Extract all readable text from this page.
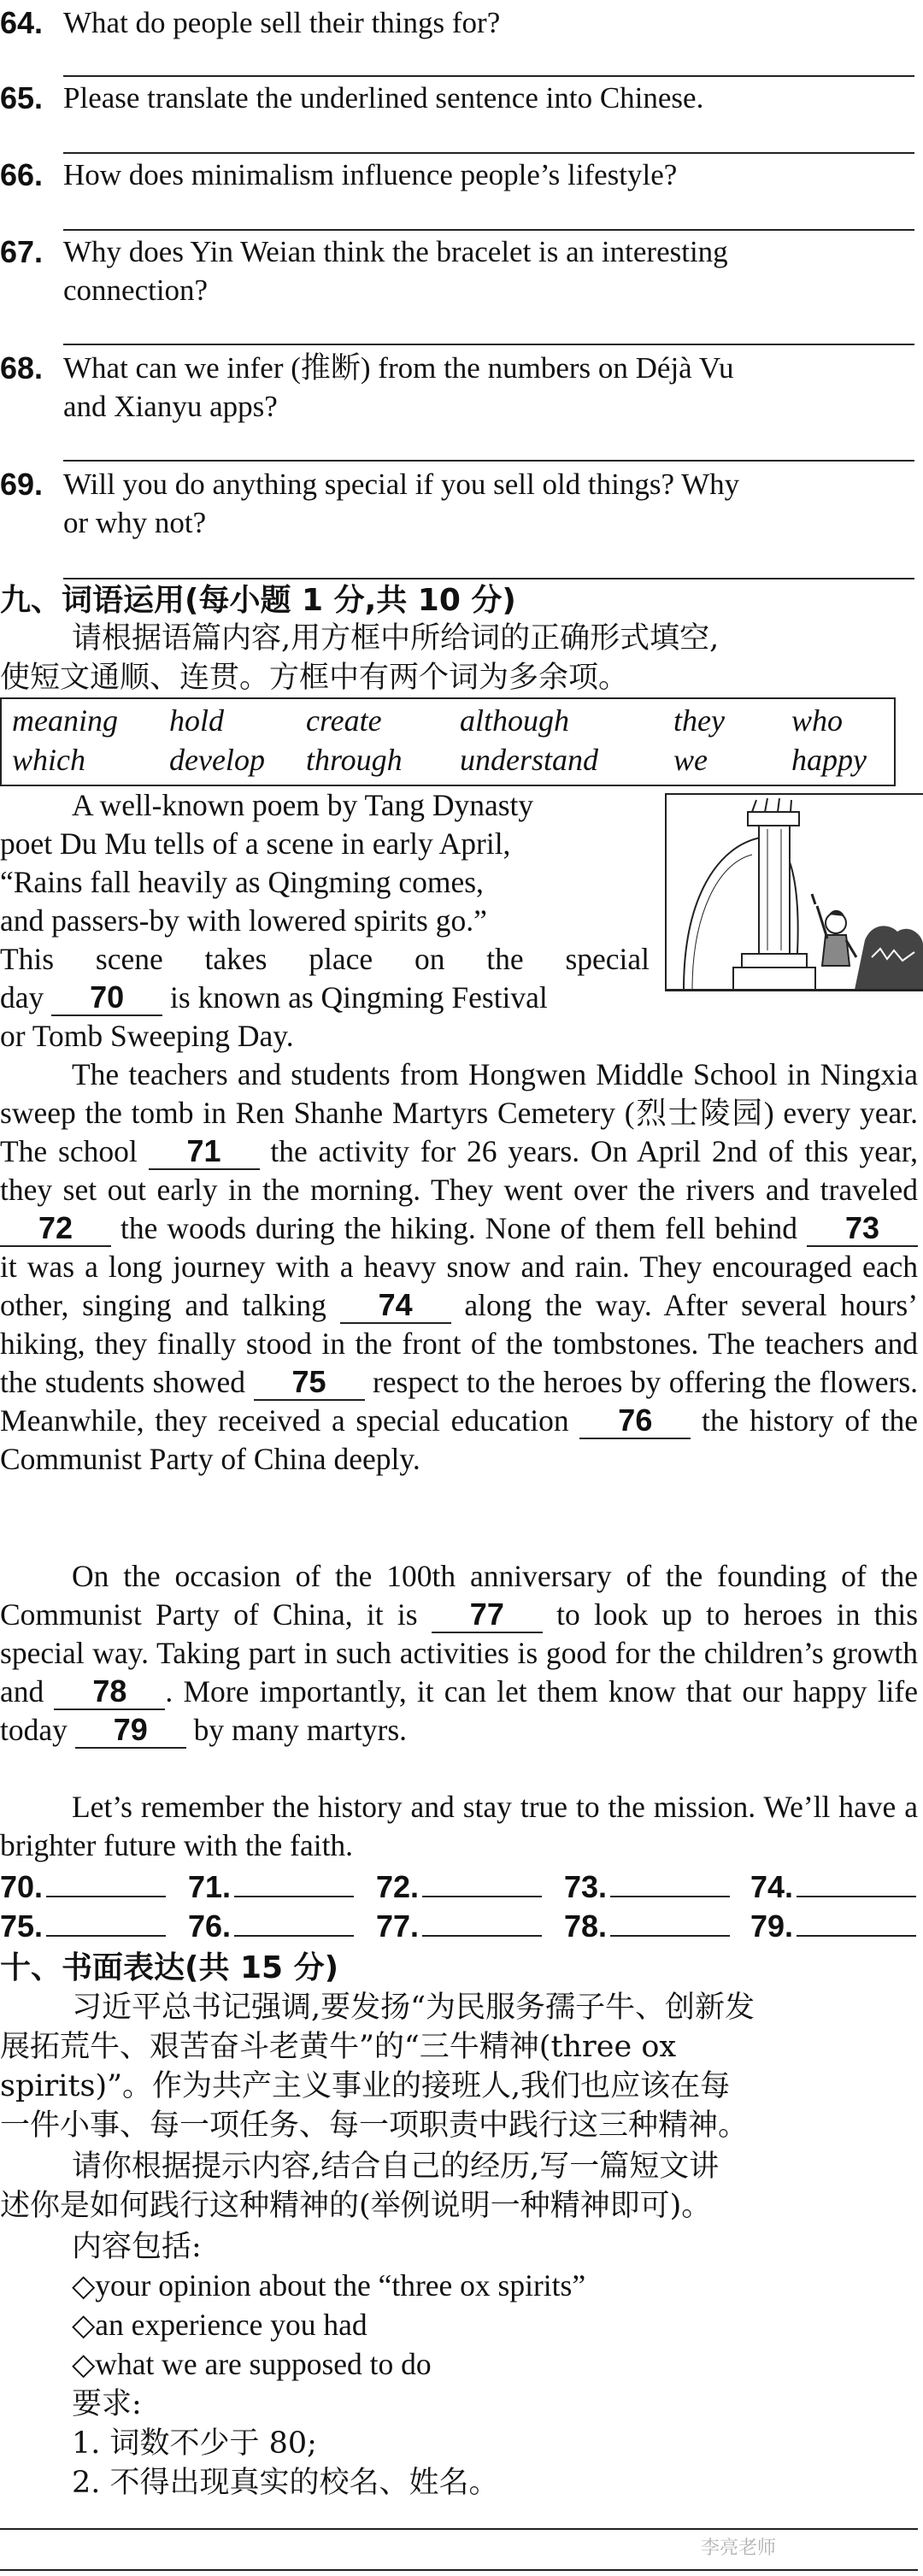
64. What do people sell their things for?
65. Please translate the underlined sentence into Chinese.
66. How does minimalism influence people’s lifestyle?
67. Why does Yin Weian think the bracelet is an interesting
connection?
68. What can we infer (推断) from the numbers on Déjà Vu
and Xianyu apps?
69. Will you do anything special if you sell old things? Why
or why not?
九、词语运用(每小题 1 分,共 10 分)
请根据语篇内容,用方框中所给词的正确形式填空,
使短文通顺、连贯。方框中有两个词为多余项。
meaning hold	create	although	they who
which	develop through understand we	happy

A well-known poem by Tang Dynasty

poet Du Mu tells of a scene in early April,

“Rains fall heavily as Qingming comes,

and passers-by with lowered spirits go.”

This scene takes place on the special

day 70 is known as Qingming Festival

or Tomb Sweeping Day.

The teachers and students from Hongwen Middle School in Ningxia sweep the tomb in Ren Shanhe Martyrs Cemetery (烈士陵园) every year. The school 71 the activity for 26 years. On April 2nd of this year, they set out early in the morning. They went over the rivers and traveled 72 the woods during the hiking. None of them fell behind 73 it was a long journey with a heavy snow and rain. They encouraged each other, singing and talking 74 along the way. After several hours’ hiking, they finally stood in the front of the tombstones. The teachers and the students showed 75 respect to the heroes by offering the flowers. Meanwhile, they received a special education 76 the history of the Communist Party of China deeply.

On the occasion of the 100th anniversary of the founding of the Communist Party of China, it is 77 to look up to heroes in this special way. Taking part in such activities is good for the children’s growth and 78 . More importantly, it can let them know that our happy life today 79 by many martyrs.

Let’s remember the history and stay true to the mission. We’ll have a brighter future with the faith.

70.	71.	72.	73.	74.
75.	76.	77.	78.	79.
十、书面表达(共 15 分)
习近平总书记强调,要发扬“为民服务孺子牛、创新发
展拓荒牛、艰苦奋斗老黄牛”的“三牛精神(three ox
spirits)”。作为共产主义事业的接班人,我们也应该在每
一件小事、每一项任务、每一项职责中践行这三种精神。
请你根据提示内容,结合自己的经历,写一篇短文讲
述你是如何践行这种精神的(举例说明一种精神即可)。
内容包括:
◇your opinion about the “three ox spirits”
◇an experience you had
◇what we are supposed to do
要求:
1. 词数不少于 80;
2. 不得出现真实的校名、姓名。
李亮老师
